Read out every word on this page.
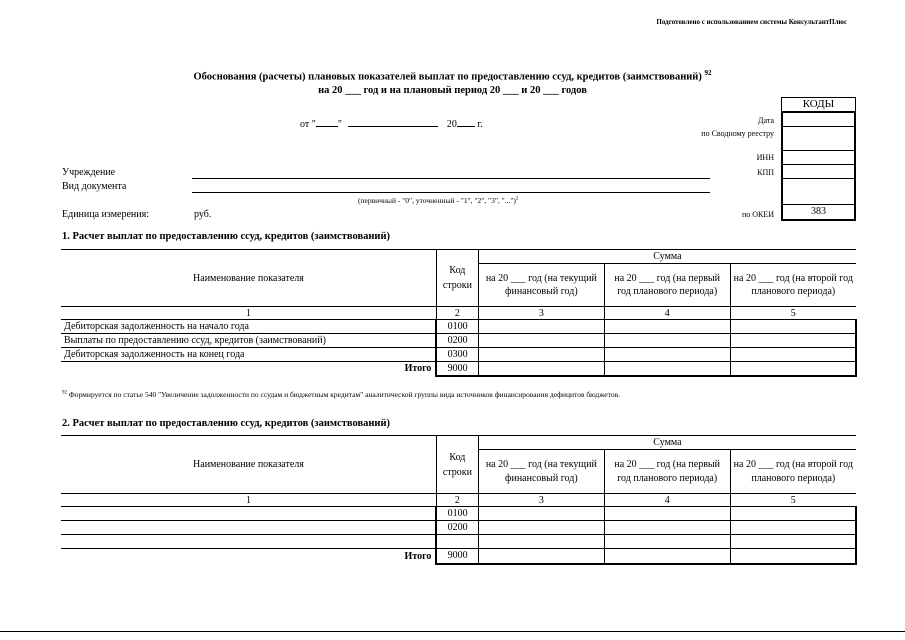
Подготовлено с использованием системы КонсультантПлюс
Обоснования (расчеты) плановых показателей выплат по предоставлению ссуд, кредитов (заимствований) $^{92}$
на 20 ___ год и на плановый период 20 ___ и 20 ___ годов
от " "	20 г.
КОДЫ
383
Дата
по Сводному реестру
ИНН
КПП
по ОКЕИ
Учреждение
Вид документа
(первичный - "0", уточненный - "1", "2", "3", "...")$^2$
Единица измерения:	руб.
1. Расчет выплат по предоставлению ссуд, кредитов (заимствований)
Наименование показателя	Код строки	Сумма		
		на 20 ___ год (на текущий финансовый год)	на 20 ___ год (на первый год планового периода)	на 20 ___ год (на второй год планового периода)
1	2	3	4	5
Дебиторская задолженность на начало года	0100			
Выплаты по предоставлению ссуд, кредитов (заимствований)	0200			
Дебиторская задолженность на конец года	0300			
Итого	9000			
$^{92}$ Формируется по статье 540 "Увеличение задолженности по ссудам и бюджетным кредитам" аналитической группы вида источников финансирования дефицитов бюджетов.
2. Расчет выплат по предоставлению ссуд, кредитов (заимствований)
Наименование показателя	Код строки	Сумма		
		на 20 ___ год (на текущий финансовый год)	на 20 ___ год (на первый год планового периода)	на 20 ___ год (на второй год планового периода)
1	2	3	4	5
	0100			
	0200			

Итого	9000			
